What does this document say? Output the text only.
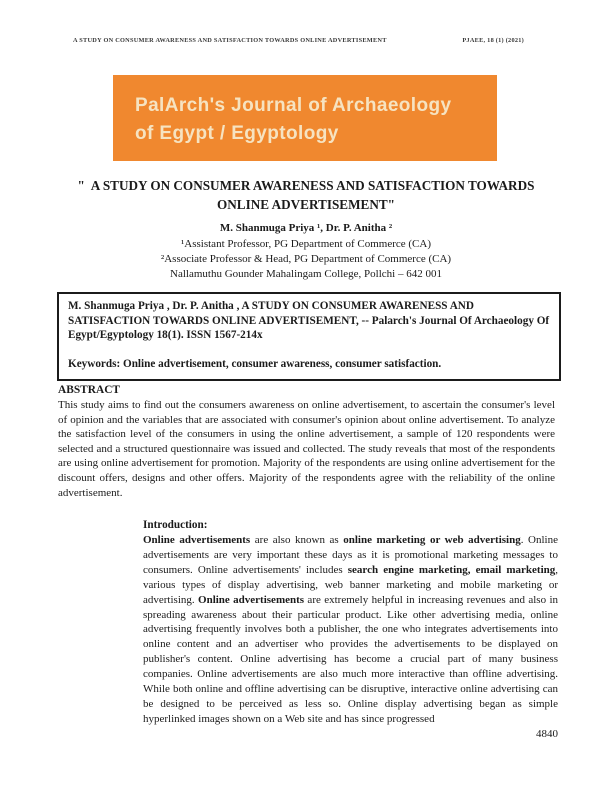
A STUDY ON CONSUMER AWARENESS AND SATISFACTION TOWARDS ONLINE ADVERTISEMENT	PJAEE, 18 (1) (2021)
PalArch's Journal of Archaeology
of Egypt / Egyptology
"  A STUDY ON CONSUMER AWARENESS AND SATISFACTION TOWARDS ONLINE ADVERTISEMENT"
M. Shanmuga Priya ¹, Dr. P. Anitha ²
¹Assistant Professor, PG Department of Commerce (CA)
²Associate Professor & Head, PG Department of Commerce (CA)
Nallamuthu Gounder Mahalingam College, Pollchi – 642 001
M. Shanmuga Priya , Dr. P. Anitha , A STUDY ON CONSUMER AWARENESS AND SATISFACTION TOWARDS ONLINE ADVERTISEMENT, -- Palarch's Journal Of Archaeology Of Egypt/Egyptology 18(1). ISSN 1567-214x
Keywords: Online advertisement, consumer awareness, consumer satisfaction.
ABSTRACT

This study aims to find out the consumers awareness on online advertisement, to ascertain the consumer's level of opinion and the variables that are associated with consumer's opinion about online advertisement. To analyze the satisfaction level of the consumers in using the online advertisement, a sample of 120 respondents were selected and a structured questionnaire was issued and collected. The study reveals that most of the respondents are using online advertisement for promotion. Majority of the respondents are using online advertisement for the discount offers, designs and other offers. Majority of the respondents agree with the reliability of the online advertisement.

Introduction:

Online advertisements are also known as online marketing or web advertising. Online advertisements are very important these days as it is promotional marketing messages to consumers. Online advertisements' includes search engine marketing, email marketing, various types of display advertising, web banner marketing and mobile marketing or advertising. Online advertisements are extremely helpful in increasing revenues and also in spreading awareness about their particular product. Like other advertising media, online advertising frequently involves both a publisher, the one who integrates advertisements into online content and an advertiser who provides the advertisements to be displayed on publisher's content. Online advertising has become a crucial part of many business companies. Online advertisements are also much more interactive than offline advertising. While both online and offline advertising can be disruptive, interactive online advertising can be designed to be perceived as less so. Online display advertising began as simple hyperlinked images shown on a Web site and has since progressed

4840
